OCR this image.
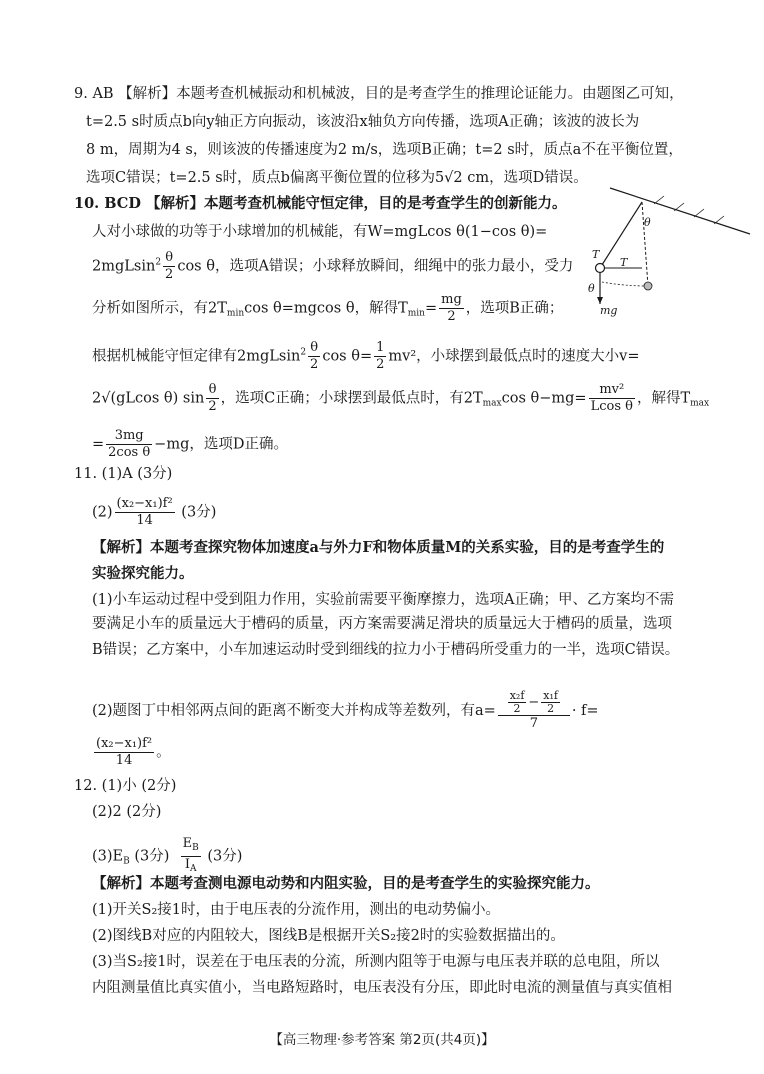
9. AB 【解析】本题考查机械振动和机械波，目的是考查学生的推理论证能力。由题图乙可知，
t=2.5 s时质点b向y轴正方向振动，该波沿x轴负方向传播，选项A正确；该波的波长为
8 m，周期为4 s，则该波的传播速度为2 m/s，选项B正确；t=2 s时，质点a不在平衡位置，
选项C错误；t=2.5 s时，质点b偏离平衡位置的位移为5√2 cm，选项D错误。
10. BCD 【解析】本题考查机械能守恒定律，目的是考查学生的创新能力。
人对小球做的功等于小球增加的机械能，有W=mgLcos θ(1−cos θ)=
$2mgLsin^2 \frac{\theta}{2}$ cos θ，选项A错误；小球释放瞬间，细绳中的张力最小，受力
分析如图所示，有$2T_{min}\cos$ θ=mgcos θ，解得$T_{min}= \frac{mg}{2}$ ，选项B正确；
根据机械能守恒定律有$2mgLsin^2 \frac{\theta}{2}$ $\cos \theta= \frac{1}{2} mv^2$，小球摆到最低点时的速度大小v=
2√(gLcos θ) $\sin \frac{\theta}{2}$ ，选项C正确；小球摆到最低点时，有$2T_{max}\cos$ $\theta-mg= \frac{\text{mv²}}{\text{Lcos θ}}$ ，解得$T_{max}$
= $\frac{3mg}{\text{2cos θ}} -mg$，选项D正确。
T
T
θ
θ
mg
11. (1)A (3分)
$(2) \frac{\text{(x₂−x₁)f²}}{14} (3$分)
【解析】本题考查探究物体加速度a与外力F和物体质量M的关系实验，目的是考查学生的
实验探究能力。
(1)小车运动过程中受到阻力作用，实验前需要平衡摩擦力，选项A正确；甲、乙方案均不需
要满足小车的质量远大于槽码的质量，丙方案需要满足滑块的质量远大于槽码的质量，选项
B错误；乙方案中，小车加速运动时受到细线的拉力小于槽码所受重力的一半，选项C错误。
(2)题图丁中相邻两点间的距离不断变大并构成等差数列，有$a= \frac{\frac{\text{x₂f}}{2} - \frac{\text{x₁f}}{2}}{7} \cdot f=$
$\frac{\text{(x₂−x₁)f²}}{14}$ 。
12. (1)小 (2分)
(2)2 (2分)
$(3)E_B$ (3分) $\frac{E_B}{I_A} (3$分)
【解析】本题考查测电源电动势和内阻实验，目的是考查学生的实验探究能力。
(1)开关S₂接1时，由于电压表的分流作用，测出的电动势偏小。
(2)图线B对应的内阻较大，图线B是根据开关S₂接2时的实验数据描出的。
(3)当S₂接1时，误差在于电压表的分流，所测内阻等于电源与电压表并联的总电阻，所以
内阻测量值比真实值小，当电路短路时，电压表没有分压，即此时电流的测量值与真实值相
【高三物理·参考答案 第2页(共4页)】
